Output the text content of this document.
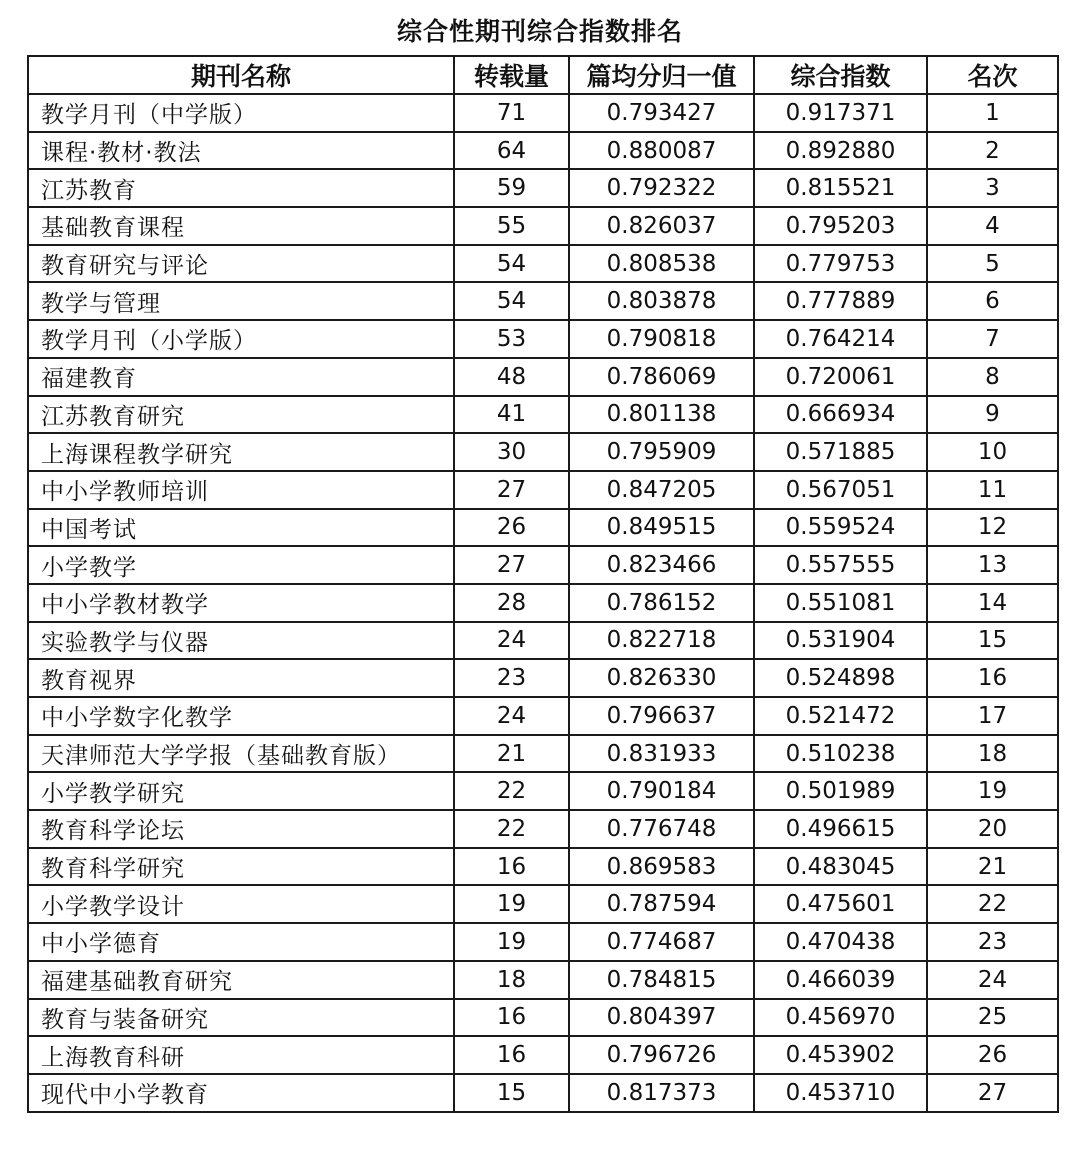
综合性期刊综合指数排名
期刊名称	转载量	篇均分归一值	综合指数	名次
教学月刊（中学版）	71	0.793427	0.917371	1
课程·教材·教法	64	0.880087	0.892880	2
江苏教育	59	0.792322	0.815521	3
基础教育课程	55	0.826037	0.795203	4
教育研究与评论	54	0.808538	0.779753	5
教学与管理	54	0.803878	0.777889	6
教学月刊（小学版）	53	0.790818	0.764214	7
福建教育	48	0.786069	0.720061	8
江苏教育研究	41	0.801138	0.666934	9
上海课程教学研究	30	0.795909	0.571885	10
中小学教师培训	27	0.847205	0.567051	11
中国考试	26	0.849515	0.559524	12
小学教学	27	0.823466	0.557555	13
中小学教材教学	28	0.786152	0.551081	14
实验教学与仪器	24	0.822718	0.531904	15
教育视界	23	0.826330	0.524898	16
中小学数字化教学	24	0.796637	0.521472	17
天津师范大学学报（基础教育版）	21	0.831933	0.510238	18
小学教学研究	22	0.790184	0.501989	19
教育科学论坛	22	0.776748	0.496615	20
教育科学研究	16	0.869583	0.483045	21
小学教学设计	19	0.787594	0.475601	22
中小学德育	19	0.774687	0.470438	23
福建基础教育研究	18	0.784815	0.466039	24
教育与装备研究	16	0.804397	0.456970	25
上海教育科研	16	0.796726	0.453902	26
现代中小学教育	15	0.817373	0.453710	27
